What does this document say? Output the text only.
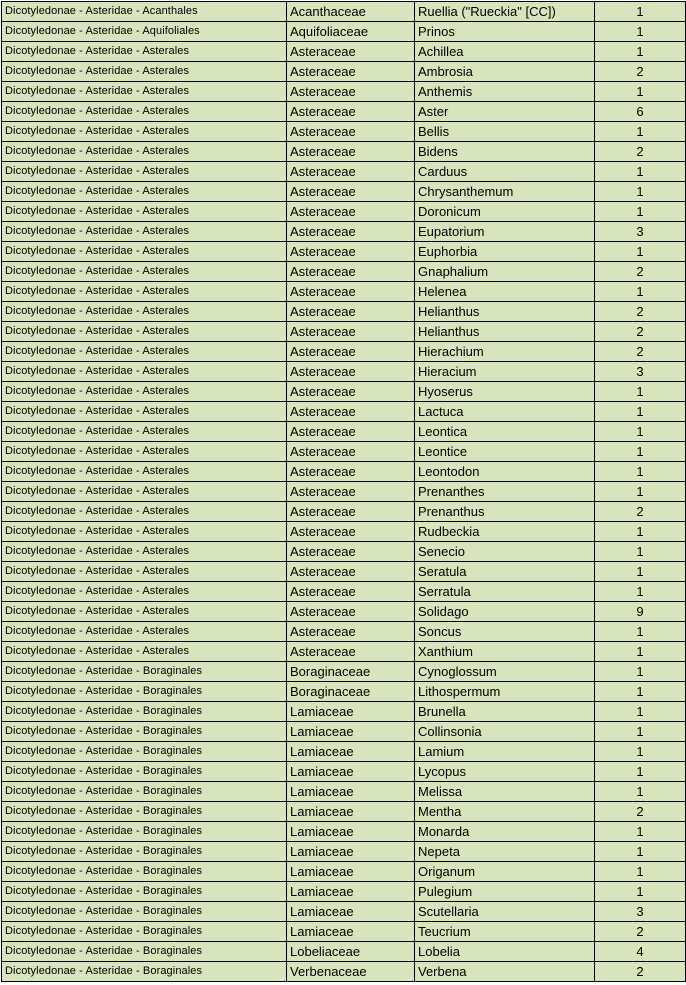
Dicotyledonae - Asteridae - Acanthales	Acanthaceae	Ruellia ("Rueckia" [CC])	1
Dicotyledonae - Asteridae - Aquifoliales	Aquifoliaceae	Prinos	1
Dicotyledonae - Asteridae - Asterales	Asteraceae	Achillea	1
Dicotyledonae - Asteridae - Asterales	Asteraceae	Ambrosia	2
Dicotyledonae - Asteridae - Asterales	Asteraceae	Anthemis	1
Dicotyledonae - Asteridae - Asterales	Asteraceae	Aster	6
Dicotyledonae - Asteridae - Asterales	Asteraceae	Bellis	1
Dicotyledonae - Asteridae - Asterales	Asteraceae	Bidens	2
Dicotyledonae - Asteridae - Asterales	Asteraceae	Carduus	1
Dicotyledonae - Asteridae - Asterales	Asteraceae	Chrysanthemum	1
Dicotyledonae - Asteridae - Asterales	Asteraceae	Doronicum	1
Dicotyledonae - Asteridae - Asterales	Asteraceae	Eupatorium	3
Dicotyledonae - Asteridae - Asterales	Asteraceae	Euphorbia	1
Dicotyledonae - Asteridae - Asterales	Asteraceae	Gnaphalium	2
Dicotyledonae - Asteridae - Asterales	Asteraceae	Helenea	1
Dicotyledonae - Asteridae - Asterales	Asteraceae	Helianthus	2
Dicotyledonae - Asteridae - Asterales	Asteraceae	Helianthus	2
Dicotyledonae - Asteridae - Asterales	Asteraceae	Hierachium	2
Dicotyledonae - Asteridae - Asterales	Asteraceae	Hieracium	3
Dicotyledonae - Asteridae - Asterales	Asteraceae	Hyoserus	1
Dicotyledonae - Asteridae - Asterales	Asteraceae	Lactuca	1
Dicotyledonae - Asteridae - Asterales	Asteraceae	Leontica	1
Dicotyledonae - Asteridae - Asterales	Asteraceae	Leontice	1
Dicotyledonae - Asteridae - Asterales	Asteraceae	Leontodon	1
Dicotyledonae - Asteridae - Asterales	Asteraceae	Prenanthes	1
Dicotyledonae - Asteridae - Asterales	Asteraceae	Prenanthus	2
Dicotyledonae - Asteridae - Asterales	Asteraceae	Rudbeckia	1
Dicotyledonae - Asteridae - Asterales	Asteraceae	Senecio	1
Dicotyledonae - Asteridae - Asterales	Asteraceae	Seratula	1
Dicotyledonae - Asteridae - Asterales	Asteraceae	Serratula	1
Dicotyledonae - Asteridae - Asterales	Asteraceae	Solidago	9
Dicotyledonae - Asteridae - Asterales	Asteraceae	Soncus	1
Dicotyledonae - Asteridae - Asterales	Asteraceae	Xanthium	1
Dicotyledonae - Asteridae - Boraginales	Boraginaceae	Cynoglossum	1
Dicotyledonae - Asteridae - Boraginales	Boraginaceae	Lithospermum	1
Dicotyledonae - Asteridae - Boraginales	Lamiaceae	Brunella	1
Dicotyledonae - Asteridae - Boraginales	Lamiaceae	Collinsonia	1
Dicotyledonae - Asteridae - Boraginales	Lamiaceae	Lamium	1
Dicotyledonae - Asteridae - Boraginales	Lamiaceae	Lycopus	1
Dicotyledonae - Asteridae - Boraginales	Lamiaceae	Melissa	1
Dicotyledonae - Asteridae - Boraginales	Lamiaceae	Mentha	2
Dicotyledonae - Asteridae - Boraginales	Lamiaceae	Monarda	1
Dicotyledonae - Asteridae - Boraginales	Lamiaceae	Nepeta	1
Dicotyledonae - Asteridae - Boraginales	Lamiaceae	Origanum	1
Dicotyledonae - Asteridae - Boraginales	Lamiaceae	Pulegium	1
Dicotyledonae - Asteridae - Boraginales	Lamiaceae	Scutellaria	3
Dicotyledonae - Asteridae - Boraginales	Lamiaceae	Teucrium	2
Dicotyledonae - Asteridae - Boraginales	Lobeliaceae	Lobelia	4
Dicotyledonae - Asteridae - Boraginales	Verbenaceae	Verbena	2
